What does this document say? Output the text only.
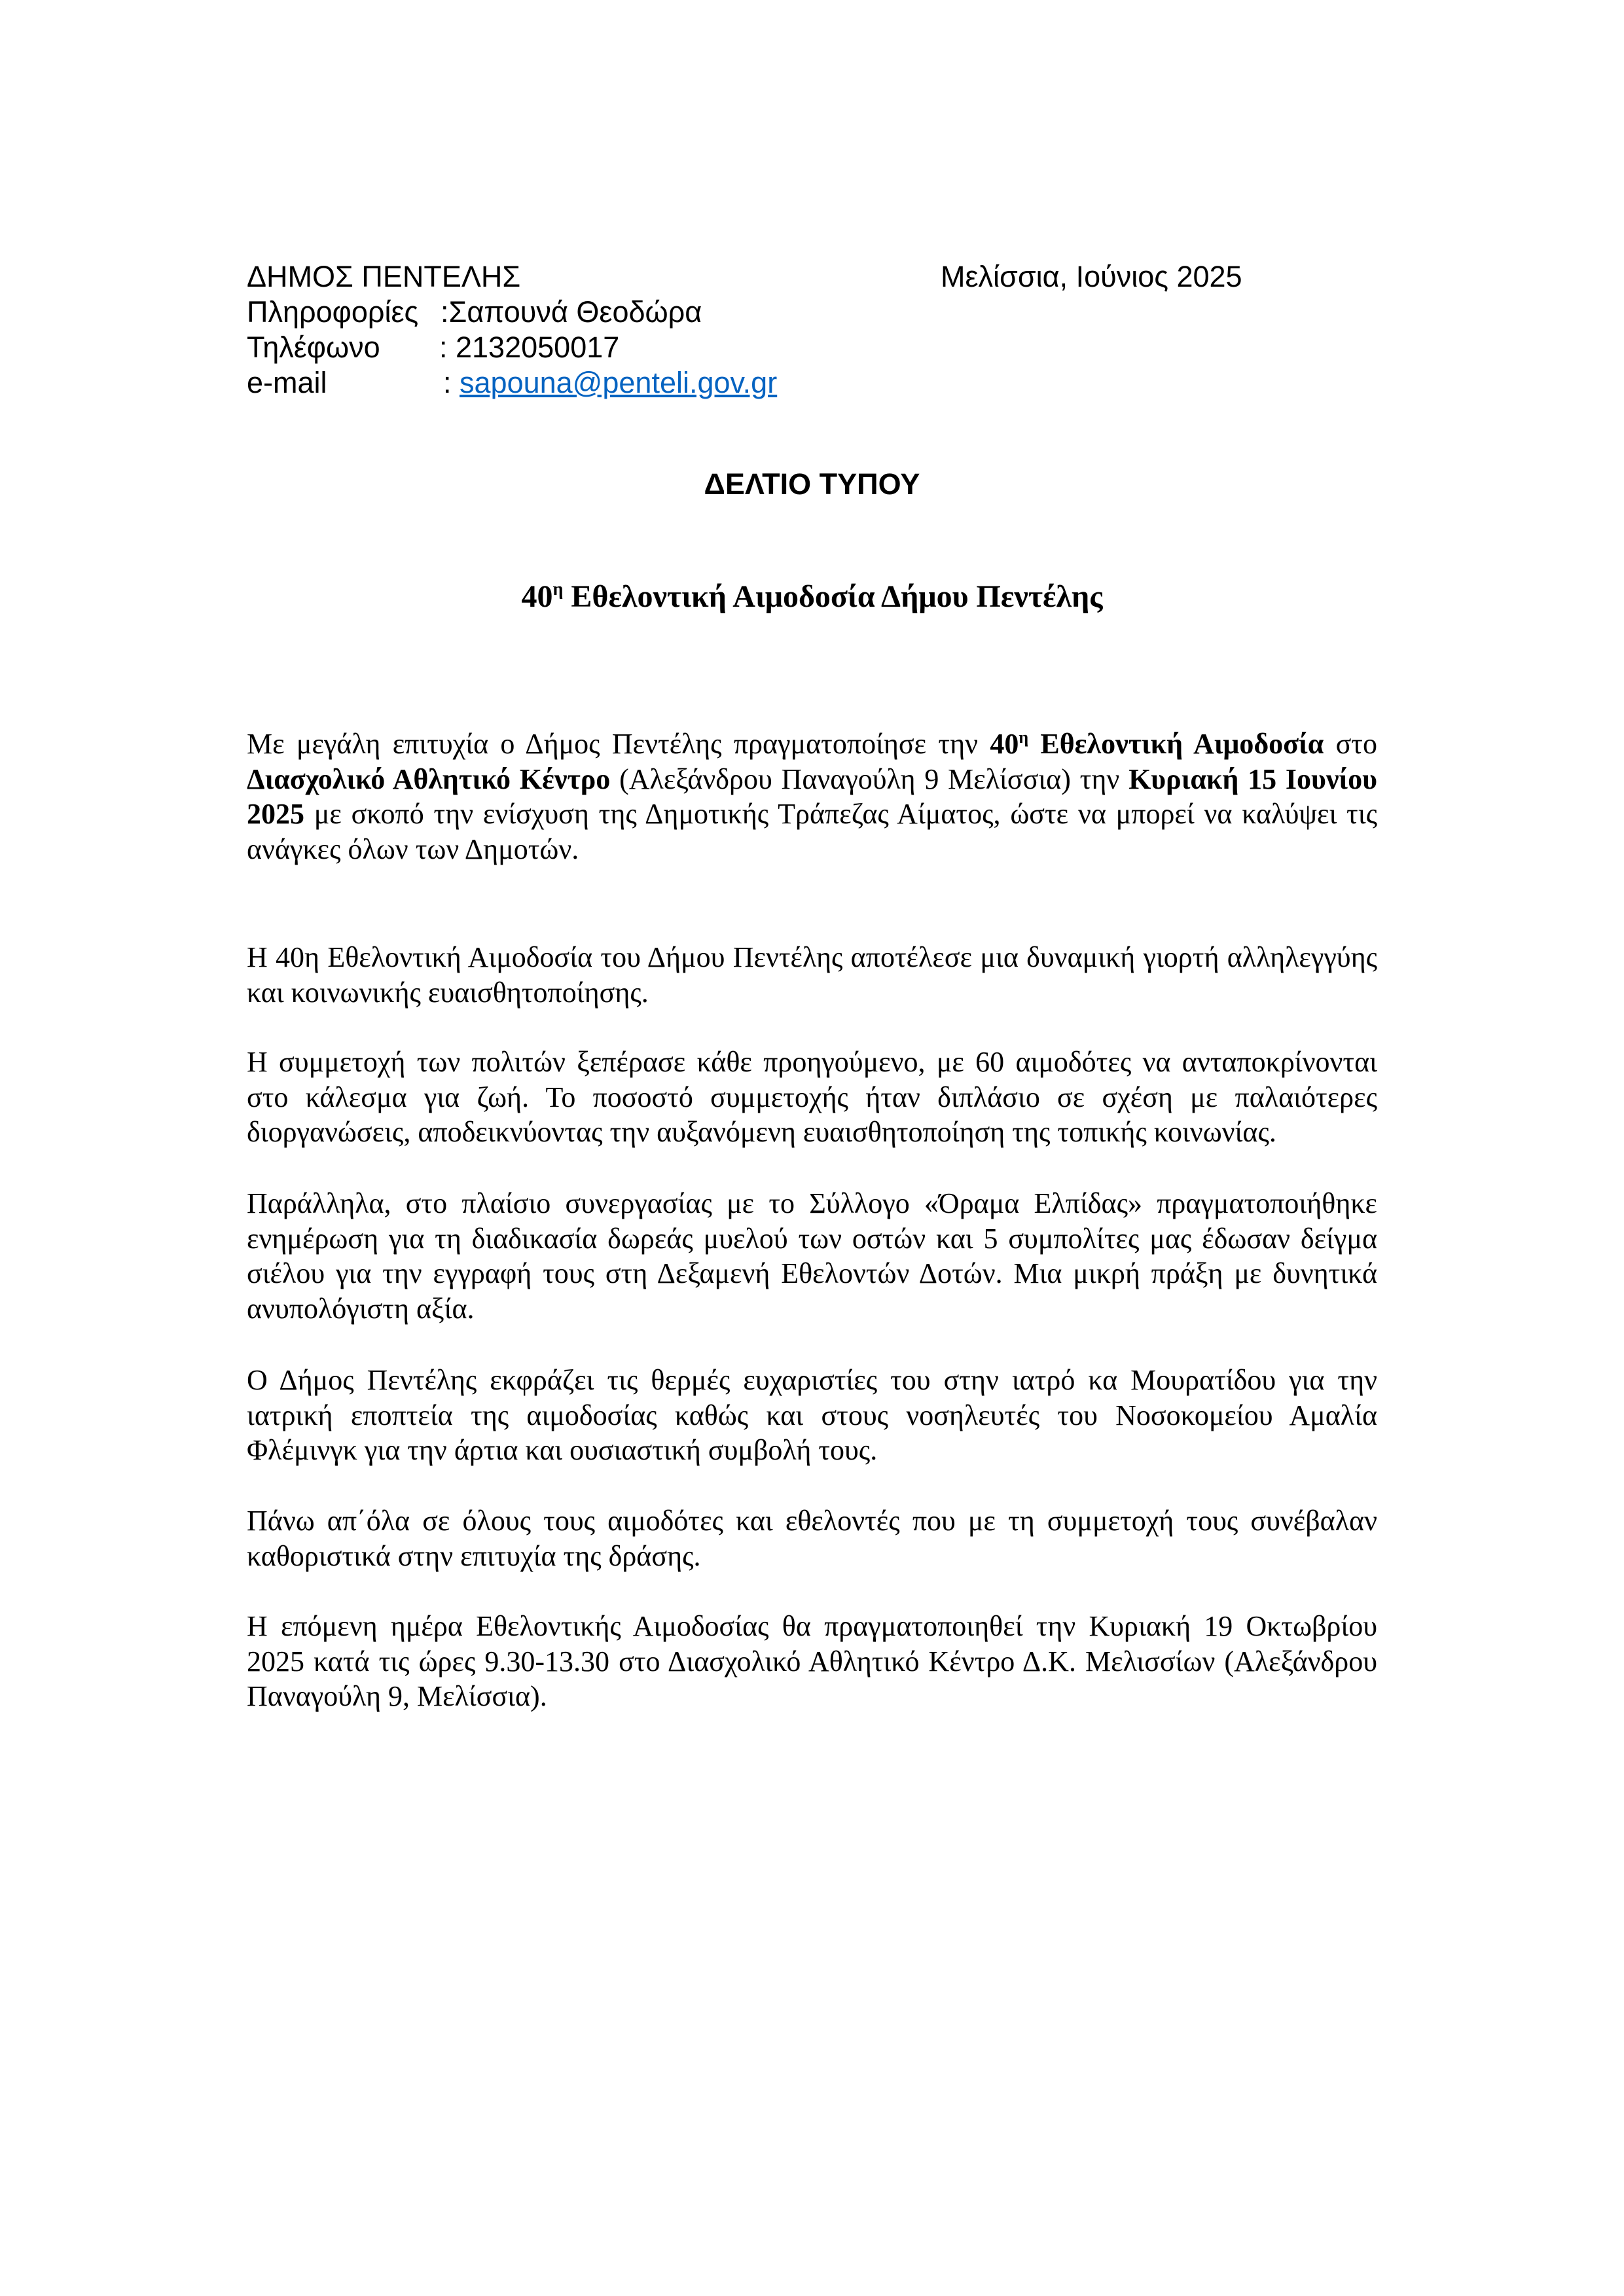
ΔΗΜΟΣ ΠΕΝΤΕΛΗΣ	Μελίσσια, Ιούνιος 2025
Πληροφορίες :Σαπουνά Θεοδώρα
Τηλέφωνο : 2132050017
e-mail	: sapouna@penteli.gov.gr
ΔΕΛΤΙΟ ΤΥΠΟΥ
$40^\eta$ Εθελοντική Αιμοδοσία Δήμου Πεντέλης

Με μεγάλη επιτυχία ο Δήμος Πεντέλης πραγματοποίησε την $40^\eta$ Εθελοντική Αιμοδοσία στο Διασχολικό Αθλητικό Κέντρο (Αλεξάνδρου Παναγούλη 9 Μελίσσια) την Κυριακή 15 Ιουνίου 2025 με σκοπό την ενίσχυση της Δημοτικής Τράπεζας Αίματος, ώστε να μπορεί να καλύψει τις ανάγκες όλων των Δημοτών.

Η 40η Εθελοντική Αιμοδοσία του Δήμου Πεντέλης αποτέλεσε μια δυναμική γιορτή αλληλεγγύης και κοινωνικής ευαισθητοποίησης.

Η συμμετοχή των πολιτών ξεπέρασε κάθε προηγούμενο, με 60 αιμοδότες να ανταποκρίνονται στο κάλεσμα για ζωή. Το ποσοστό συμμετοχής ήταν διπλάσιο σε σχέση με παλαιότερες διοργανώσεις, αποδεικνύοντας την αυξανόμενη ευαισθητοποίηση της τοπικής κοινωνίας.

Παράλληλα, στο πλαίσιο συνεργασίας με το Σύλλογο «Όραμα Ελπίδας» πραγματοποιήθηκε ενημέρωση για τη διαδικασία δωρεάς μυελού των οστών και 5 συμπολίτες μας έδωσαν δείγμα σιέλου για την εγγραφή τους στη Δεξαμενή Εθελοντών Δοτών. Μια μικρή πράξη με δυνητικά ανυπολόγιστη αξία.

Ο Δήμος Πεντέλης εκφράζει τις θερμές ευχαριστίες του στην ιατρό κα Μουρατίδου για την ιατρική εποπτεία της αιμοδοσίας καθώς και στους νοσηλευτές του Νοσοκομείου Αμαλία Φλέμινγκ για την άρτια και ουσιαστική συμβολή τους.

Πάνω απ΄όλα σε όλους τους αιμοδότες και εθελοντές που με τη συμμετοχή τους συνέβαλαν καθοριστικά στην επιτυχία της δράσης.

Η επόμενη ημέρα Εθελοντικής Αιμοδοσίας θα πραγματοποιηθεί την Κυριακή 19 Οκτωβρίου 2025 κατά τις ώρες 9.30-13.30 στο Διασχολικό Αθλητικό Κέντρο Δ.Κ. Μελισσίων (Αλεξάνδρου Παναγούλη 9, Μελίσσια).
